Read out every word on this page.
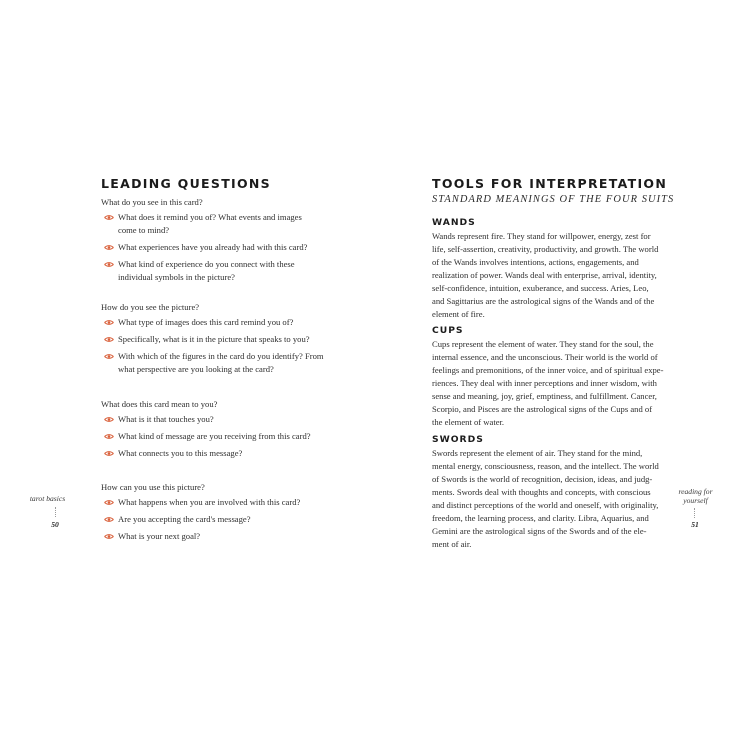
LEADING QUESTIONS
What do you see in this card?
What does it remind you of? What events and images
come to mind?
What experiences have you already had with this card?
What kind of experience do you connect with these
individual symbols in the picture?
How do you see the picture?
What type of images does this card remind you of?
Specifically, what is it in the picture that speaks to you?
With which of the figures in the card do you identify? From
what perspective are you looking at the card?
What does this card mean to you?
What is it that touches you?
What kind of message are you receiving from this card?
What connects you to this message?
How can you use this picture?
What happens when you are involved with this card?
Are you accepting the card's message?
What is your next goal?
tarot basics
50
TOOLS FOR INTERPRETATION
STANDARD MEANINGS OF THE FOUR SUITS
WANDS
Wands represent fire. They stand for willpower, energy, zest for
life, self-assertion, creativity, productivity, and growth. The world
of the Wands involves intentions, actions, engagements, and
realization of power. Wands deal with enterprise, arrival, identity,
self-confidence, intuition, exuberance, and success. Aries, Leo,
and Sagittarius are the astrological signs of the Wands and of the
element of fire.
CUPS
Cups represent the element of water. They stand for the soul, the
internal essence, and the unconscious. Their world is the world of
feelings and premonitions, of the inner voice, and of spiritual expe-
riences. They deal with inner perceptions and inner wisdom, with
sense and meaning, joy, grief, emptiness, and fulfillment. Cancer,
Scorpio, and Pisces are the astrological signs of the Cups and of
the element of water.
SWORDS
Swords represent the element of air. They stand for the mind,
mental energy, consciousness, reason, and the intellect. The world
of Swords is the world of recognition, decision, ideas, and judg-
ments. Swords deal with thoughts and concepts, with conscious
and distinct perceptions of the world and oneself, with originality,
freedom, the learning process, and clarity. Libra, Aquarius, and
Gemini are the astrological signs of the Swords and of the ele-
ment of air.
reading for
yourself
51
